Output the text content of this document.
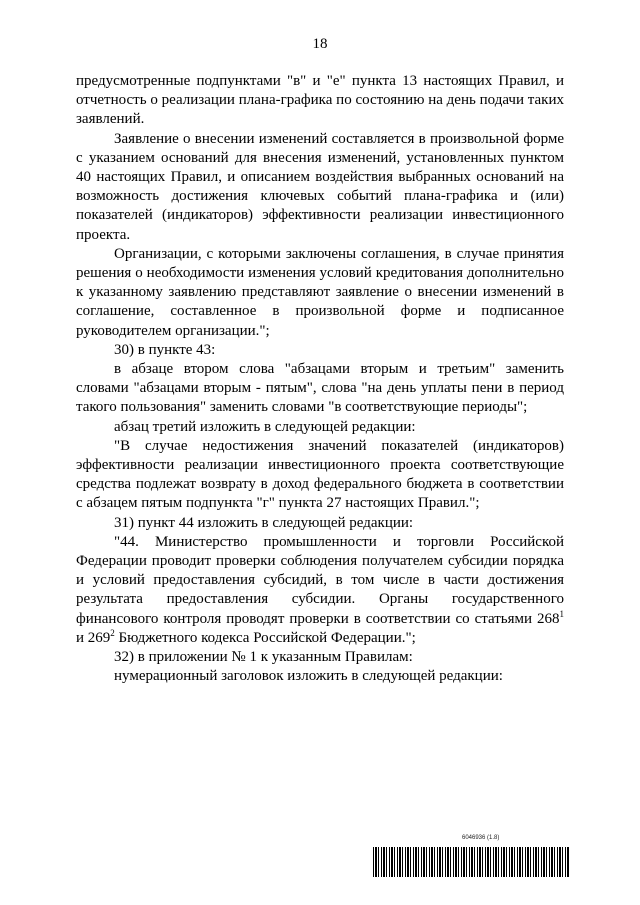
18

предусмотренные подпунктами "в" и "е" пункта 13 настоящих Правил, и отчетность о реализации плана-графика по состоянию на день подачи таких заявлений.

Заявление о внесении изменений составляется в произвольной форме с указанием оснований для внесения изменений, установленных пунктом 40 настоящих Правил, и описанием воздействия выбранных оснований на возможность достижения ключевых событий плана-графика и (или) показателей (индикаторов) эффективности реализации инвестиционного проекта.

Организации, с которыми заключены соглашения, в случае принятия решения о необходимости изменения условий кредитования дополнительно к указанному заявлению представляют заявление о внесении изменений в соглашение, составленное в произвольной форме и подписанное руководителем организации.";

30) в пункте 43:

в абзаце втором слова "абзацами вторым и третьим" заменить словами "абзацами вторым - пятым", слова "на день уплаты пени в период такого пользования" заменить словами "в соответствующие периоды";

абзац третий изложить в следующей редакции:

"В случае недостижения значений показателей (индикаторов) эффективности реализации инвестиционного проекта соответствующие средства подлежат возврату в доход федерального бюджета в соответствии с абзацем пятым подпункта "г" пункта 27 настоящих Правил.";

31) пункт 44 изложить в следующей редакции:

"44. Министерство промышленности и торговли Российской Федерации проводит проверки соблюдения получателем субсидии порядка и условий предоставления субсидий, в том числе в части достижения результата предоставления субсидии. Органы государственного финансового контроля проводят проверки в соответствии со статьями $268^1$ и $269^2$ Бюджетного кодекса Российской Федерации.";

32) в приложении № 1 к указанным Правилам:

нумерационный заголовок изложить в следующей редакции:

6046936 (1.8)
